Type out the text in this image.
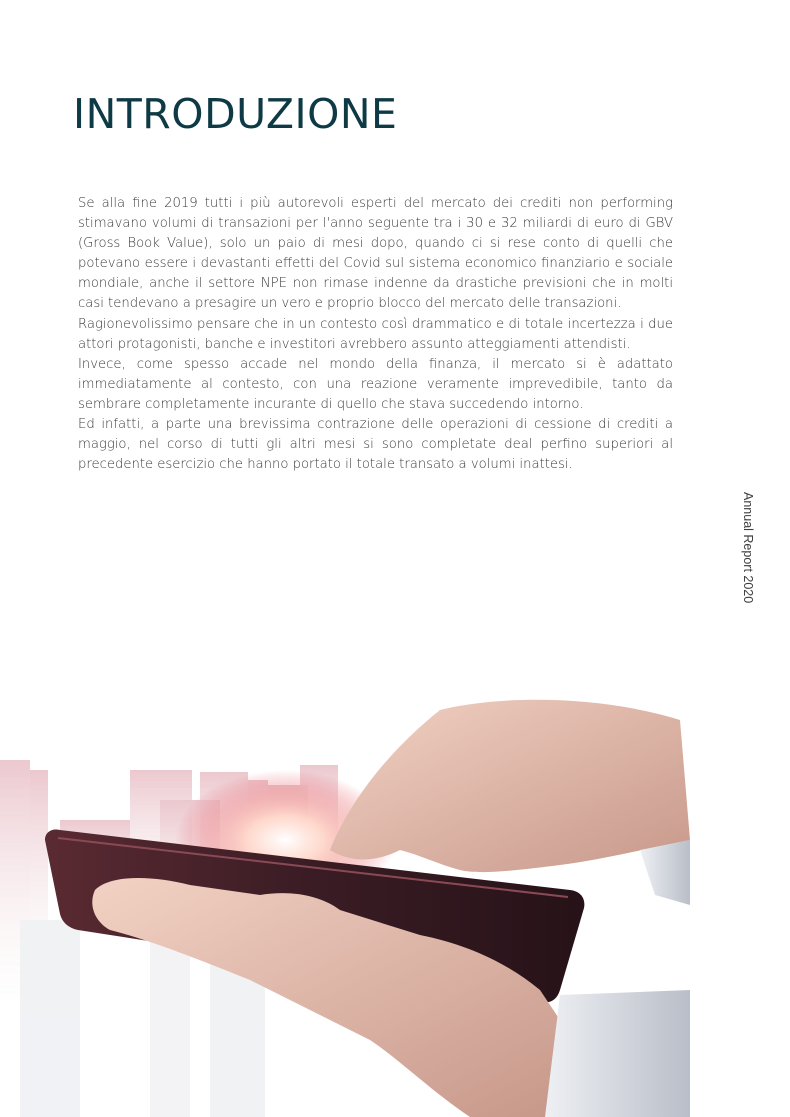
INTRODUZIONE

Se alla fine 2019 tutti i più autorevoli esperti del mercato dei crediti non performing stimavano volumi di transazioni per l'anno seguente tra i 30 e 32 miliardi di euro di GBV (Gross Book Value), solo un paio di mesi dopo, quando ci si rese conto di quelli che potevano essere i devastanti effetti del Covid sul sistema economico finanziario e sociale mondiale, anche il settore NPE non rimase indenne da drastiche previsioni che in molti casi tendevano a presagire un vero e proprio blocco del mercato delle transazioni.

Ragionevolissimo pensare che in un contesto così drammatico e di totale incertezza i due attori protagonisti, banche e investitori avrebbero assunto atteggiamenti attendisti.

Invece, come spesso accade nel mondo della finanza, il mercato si è adattato immediatamente al contesto, con una reazione veramente imprevedibile, tanto da sembrare completamente incurante di quello che stava succedendo intorno.

Ed infatti, a parte una brevissima contrazione delle operazioni di cessione di crediti a maggio, nel corso di tutti gli altri mesi si sono completate deal perfino superiori al precedente esercizio che hanno portato il totale transato a volumi inattesi.

Annual Report 2020
